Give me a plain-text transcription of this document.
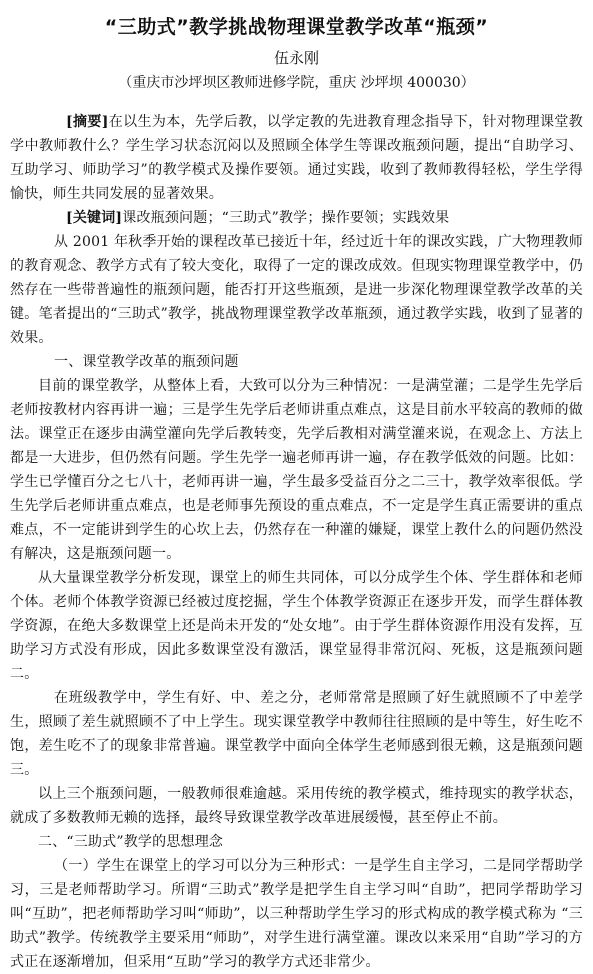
“三助式”教学挑战物理课堂教学改革“瓶颈”
伍永刚
（重庆市沙坪坝区教师进修学院，重庆 沙坪坝 400030）

[摘要]在以生为本，先学后教，以学定教的先进教育理念指导下，针对物理课堂教学中教师教什么？学生学习状态沉闷以及照顾全体学生等课改瓶颈问题，提出“自助学习、互助学习、师助学习”的教学模式及操作要领。通过实践，收到了教师教得轻松，学生学得愉快，师生共同发展的显著效果。

[关键词]课改瓶颈问题；“三助式”教学；操作要领；实践效果

从 2001 年秋季开始的课程改革已接近十年，经过近十年的课改实践，广大物理教师的教育观念、教学方式有了较大变化，取得了一定的课改成效。但现实物理课堂教学中，仍然存在一些带普遍性的瓶颈问题，能否打开这些瓶颈，是进一步深化物理课堂教学改革的关键。笔者提出的“三助式”教学，挑战物理课堂教学改革瓶颈，通过教学实践，收到了显著的效果。

一、课堂教学改革的瓶颈问题

目前的课堂教学，从整体上看，大致可以分为三种情况：一是满堂灌；二是学生先学后老师按教材内容再讲一遍；三是学生先学后老师讲重点难点，这是目前水平较高的教师的做法。课堂正在逐步由满堂灌向先学后教转变，先学后教相对满堂灌来说，在观念上、方法上都是一大进步，但仍然有问题。学生先学一遍老师再讲一遍，存在教学低效的问题。比如：学生已学懂百分之七八十，老师再讲一遍，学生最多受益百分之二三十，教学效率很低。学生先学后老师讲重点难点，也是老师事先预设的重点难点，不一定是学生真正需要讲的重点难点，不一定能讲到学生的心坎上去，仍然存在一种灌的嫌疑，课堂上教什么的问题仍然没有解决，这是瓶颈问题一。

从大量课堂教学分析发现，课堂上的师生共同体，可以分成学生个体、学生群体和老师个体。老师个体教学资源已经被过度挖掘，学生个体教学资源正在逐步开发，而学生群体教学资源，在绝大多数课堂上还是尚未开发的“处女地”。由于学生群体资源作用没有发挥，互助学习方式没有形成，因此多数课堂没有激活，课堂显得非常沉闷、死板，这是瓶颈问题二。

在班级教学中，学生有好、中、差之分，老师常常是照顾了好生就照顾不了中差学生，照顾了差生就照顾不了中上学生。现实课堂教学中教师往往照顾的是中等生，好生吃不饱，差生吃不了的现象非常普遍。课堂教学中面向全体学生老师感到很无赖，这是瓶颈问题三。

以上三个瓶颈问题，一般教师很难逾越。采用传统的教学模式，维持现实的教学状态，就成了多数教师无赖的选择，最终导致课堂教学改革进展缓慢，甚至停止不前。

二、“三助式”教学的思想理念

（一）学生在课堂上的学习可以分为三种形式：一是学生自主学习，二是同学帮助学习，三是老师帮助学习。所谓“三助式”教学是把学生自主学习叫“自助”，把同学帮助学习叫“互助”，把老师帮助学习叫“师助”，以三种帮助学生学习的形式构成的教学模式称为 “三助式”教学。传统教学主要采用“师助”，对学生进行满堂灌。课改以来采用“自助”学习的方式正在逐渐增加，但采用“互助”学习的教学方式还非常少。
